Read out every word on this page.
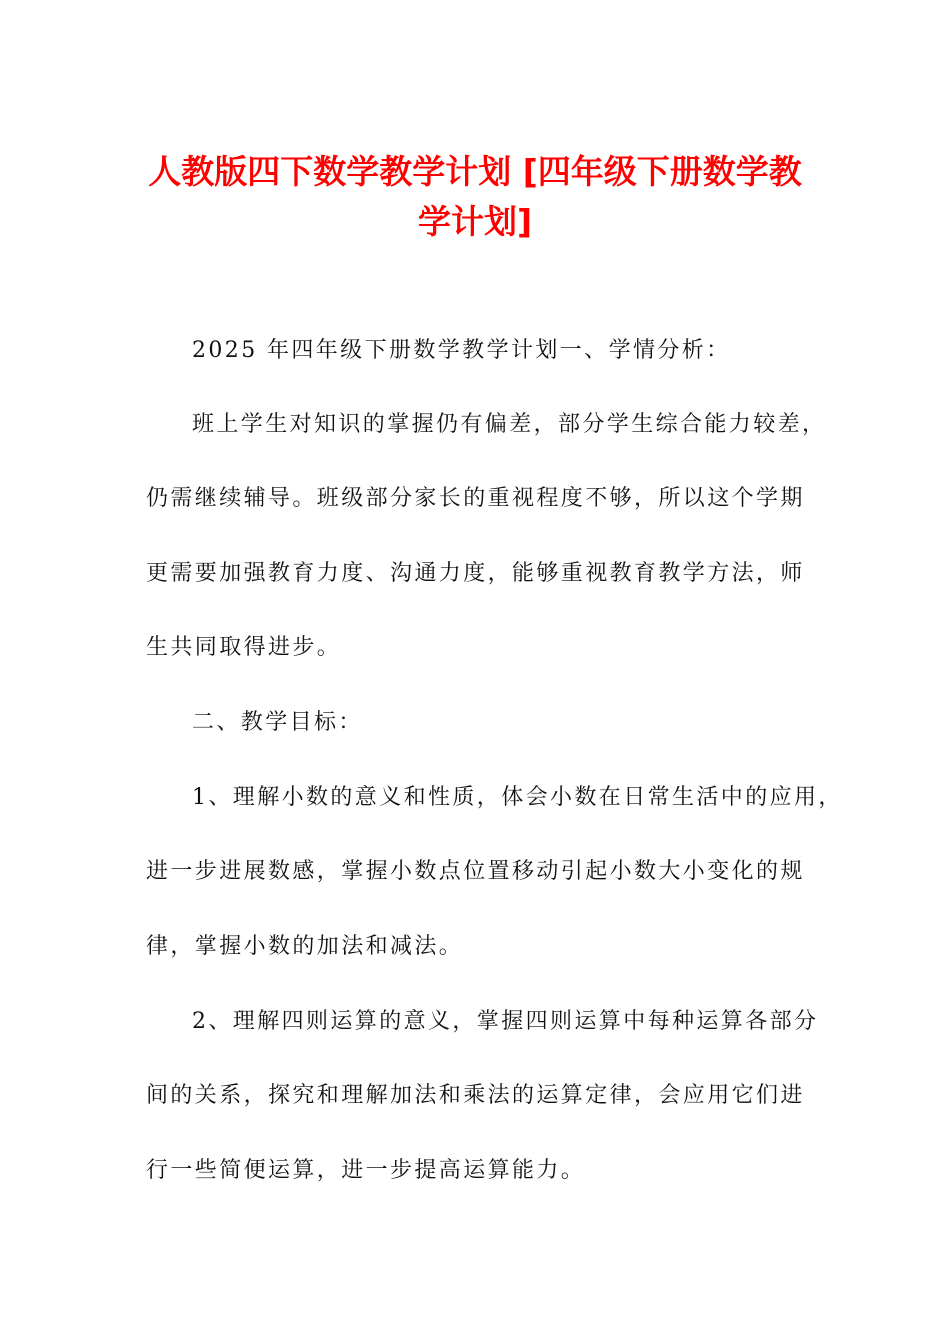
人教版四下数学教学计划 [四年级下册数学教
学计划]
2025 年四年级下册数学教学计划一、学情分析：
班上学生对知识的掌握仍有偏差，部分学生综合能力较差，
仍需继续辅导。班级部分家长的重视程度不够，所以这个学期
更需要加强教育力度、沟通力度，能够重视教育教学方法，师
生共同取得进步。
二、教学目标：
1、理解小数的意义和性质，体会小数在日常生活中的应用，
进一步进展数感，掌握小数点位置移动引起小数大小变化的规
律，掌握小数的加法和减法。
2、理解四则运算的意义，掌握四则运算中每种运算各部分
间的关系，探究和理解加法和乘法的运算定律，会应用它们进
行一些简便运算，进一步提高运算能力。
